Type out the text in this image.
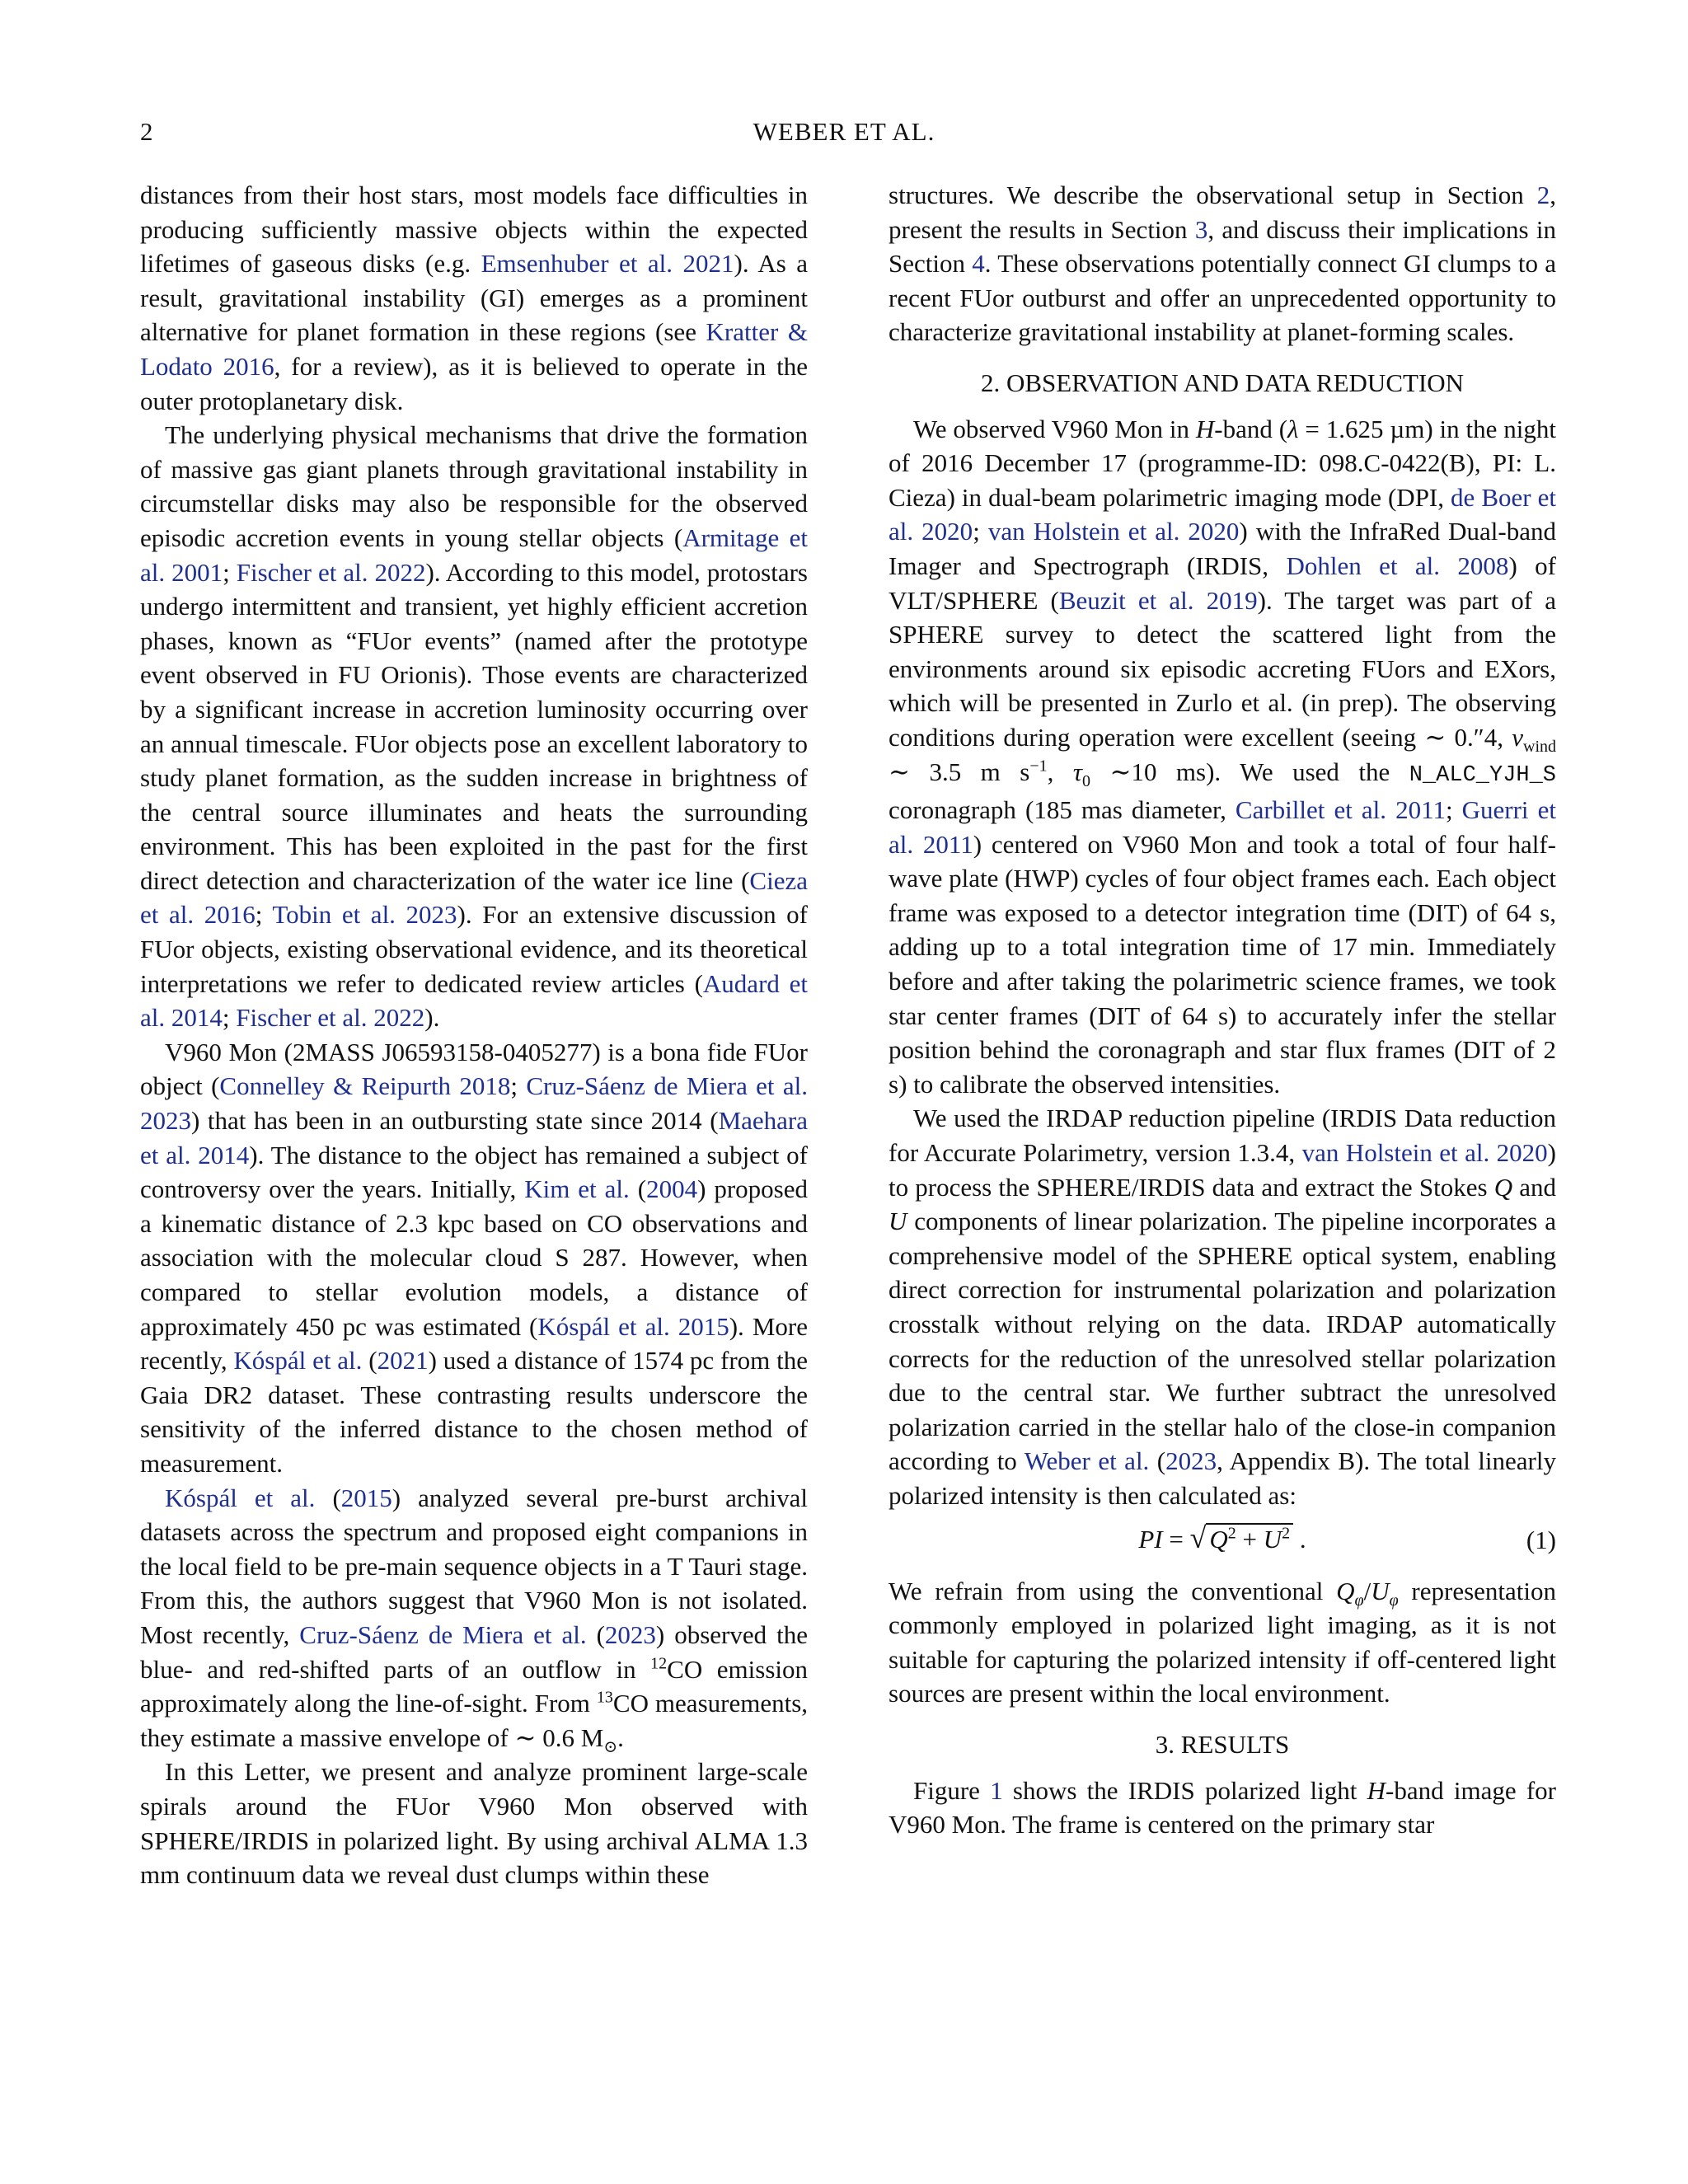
2	WEBER ET AL.

distances from their host stars, most models face difficulties in producing sufficiently massive objects within the expected lifetimes of gaseous disks (e.g. Emsenhuber et al. 2021). As a result, gravitational instability (GI) emerges as a prominent alternative for planet formation in these regions (see Kratter & Lodato 2016, for a review), as it is believed to operate in the outer protoplanetary disk.

The underlying physical mechanisms that drive the formation of massive gas giant planets through gravitational instability in circumstellar disks may also be responsible for the observed episodic accretion events in young stellar objects (Armitage et al. 2001; Fischer et al. 2022). According to this model, protostars undergo intermittent and transient, yet highly efficient accretion phases, known as “FUor events” (named after the prototype event observed in FU Orionis). Those events are characterized by a significant increase in accretion luminosity occurring over an annual timescale. FUor objects pose an excellent laboratory to study planet formation, as the sudden increase in brightness of the central source illuminates and heats the surrounding environment. This has been exploited in the past for the first direct detection and characterization of the water ice line (Cieza et al. 2016; Tobin et al. 2023). For an extensive discussion of FUor objects, existing observational evidence, and its theoretical interpretations we refer to dedicated review articles (Audard et al. 2014; Fischer et al. 2022).

V960 Mon (2MASS J06593158-0405277) is a bona fide FUor object (Connelley & Reipurth 2018; Cruz-Sáenz de Miera et al. 2023) that has been in an outbursting state since 2014 (Maehara et al. 2014). The distance to the object has remained a subject of controversy over the years. Initially, Kim et al. (2004) proposed a kinematic distance of 2.3 kpc based on CO observations and association with the molecular cloud S 287. However, when compared to stellar evolution models, a distance of approximately 450 pc was estimated (Kóspál et al. 2015). More recently, Kóspál et al. (2021) used a distance of 1574 pc from the Gaia DR2 dataset. These contrasting results underscore the sensitivity of the inferred distance to the chosen method of measurement.

Kóspál et al. (2015) analyzed several pre-burst archival datasets across the spectrum and proposed eight companions in the local field to be pre-main sequence objects in a T Tauri stage. From this, the authors suggest that V960 Mon is not isolated. Most recently, Cruz-Sáenz de Miera et al. (2023) observed the blue- and red-shifted parts of an outflow in $^{12}$CO emission approximately along the line-of-sight. From $^{13}$CO measurements, they estimate a massive envelope of ∼ 0.6 $M_⊙$.

In this Letter, we present and analyze prominent large-scale spirals around the FUor V960 Mon observed with SPHERE/IRDIS in polarized light. By using archival ALMA 1.3 mm continuum data we reveal dust clumps within these

structures. We describe the observational setup in Section 2, present the results in Section 3, and discuss their implications in Section 4. These observations potentially connect GI clumps to a recent FUor outburst and offer an unprecedented opportunity to characterize gravitational instability at planet-forming scales.

2. OBSERVATION AND DATA REDUCTION

We observed V960 Mon in H-band (λ = 1.625 µm) in the night of 2016 December 17 (programme-ID: 098.C-0422(B), PI: L. Cieza) in dual-beam polarimetric imaging mode (DPI, de Boer et al. 2020; van Holstein et al. 2020) with the InfraRed Dual-band Imager and Spectrograph (IRDIS, Dohlen et al. 2008) of VLT/SPHERE (Beuzit et al. 2019). The target was part of a SPHERE survey to detect the scattered light from the environments around six episodic accreting FUors and EXors, which will be presented in Zurlo et al. (in prep). The observing conditions during operation were excellent (seeing ∼ 0.″4, $v_{wind}$ ∼ 3.5 m $s^{-1}$, $\tau_0$ ∼10 ms). We used the N_ALC_YJH_S coronagraph (185 mas diameter, Carbillet et al. 2011; Guerri et al. 2011) centered on V960 Mon and took a total of four half-wave plate (HWP) cycles of four object frames each. Each object frame was exposed to a detector integration time (DIT) of 64 s, adding up to a total integration time of 17 min. Immediately before and after taking the polarimetric science frames, we took star center frames (DIT of 64 s) to accurately infer the stellar position behind the coronagraph and star flux frames (DIT of 2 s) to calibrate the observed intensities.

We used the IRDAP reduction pipeline (IRDIS Data reduction for Accurate Polarimetry, version 1.3.4, van Holstein et al. 2020) to process the SPHERE/IRDIS data and extract the Stokes Q and U components of linear polarization. The pipeline incorporates a comprehensive model of the SPHERE optical system, enabling direct correction for instrumental polarization and polarization crosstalk without relying on the data. IRDAP automatically corrects for the reduction of the unresolved stellar polarization due to the central star. We further subtract the unresolved polarization carried in the stellar halo of the close-in companion according to Weber et al. (2023, Appendix B). The total linearly polarized intensity is then calculated as:

PI = √ $Q^2 + U^2$ .	(1)

We refrain from using the conventional $Q_\varphi/U_\varphi$ representation commonly employed in polarized light imaging, as it is not suitable for capturing the polarized intensity if off-centered light sources are present within the local environment.

3. RESULTS

Figure 1 shows the IRDIS polarized light H-band image for V960 Mon. The frame is centered on the primary star
